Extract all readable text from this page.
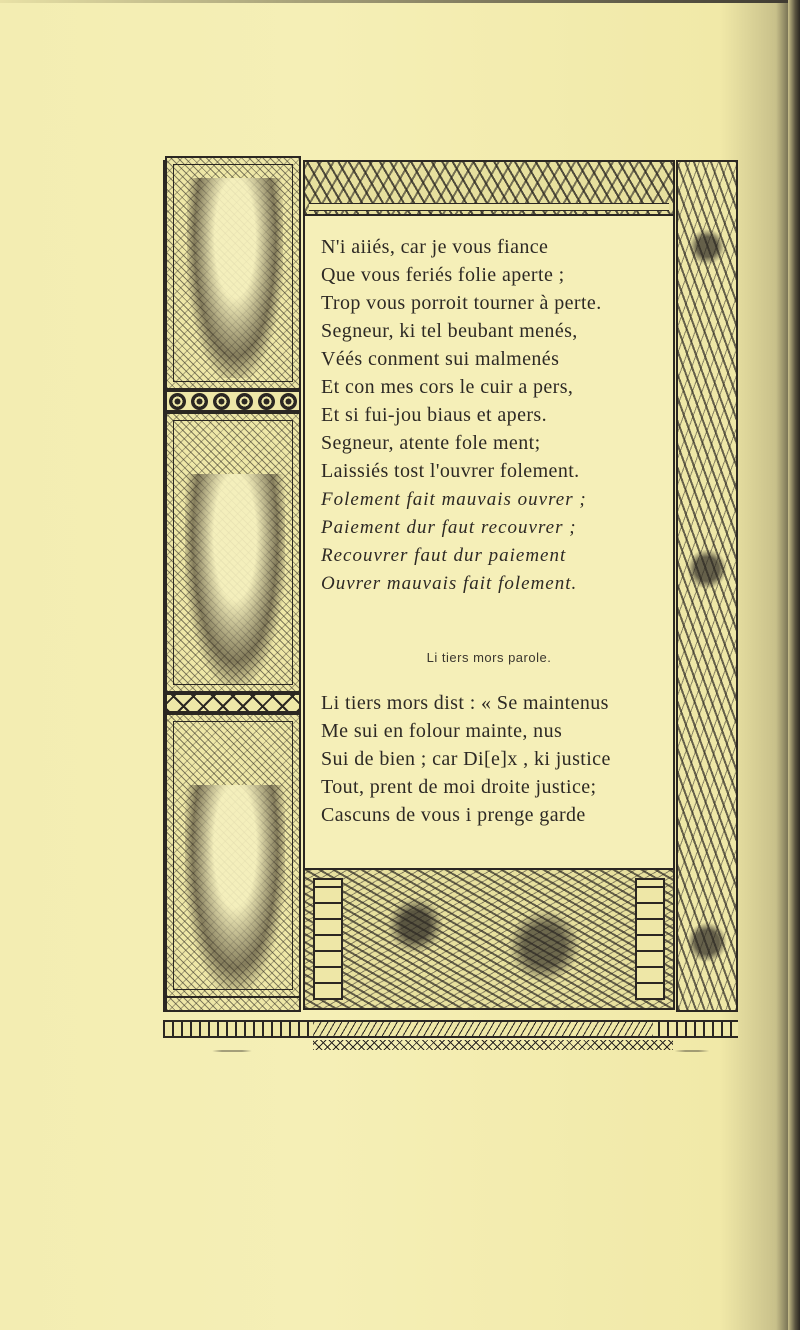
N'i aiiés, car je vous fiance

Que vous feriés folie aperte ;

Trop vous porroit tourner à perte.

Segneur, ki tel beubant menés,

Véés conment sui malmenés

Et con mes cors le cuir a pers,

Et si fui-jou biaus et apers.

Segneur, atente fole ment;

Laissiés tost l'ouvrer folement.

Folement fait mauvais ouvrer ;

Paiement dur faut recouvrer ;

Recouvrer faut dur paiement

Ouvrer mauvais fait folement.

Li tiers mors parole.

Li tiers mors dist : « Se maintenus

Me sui en folour mainte, nus

Sui de bien ; car Di[e]x , ki justice

Tout, prent de moi droite justice;

Cascuns de vous i prenge garde
